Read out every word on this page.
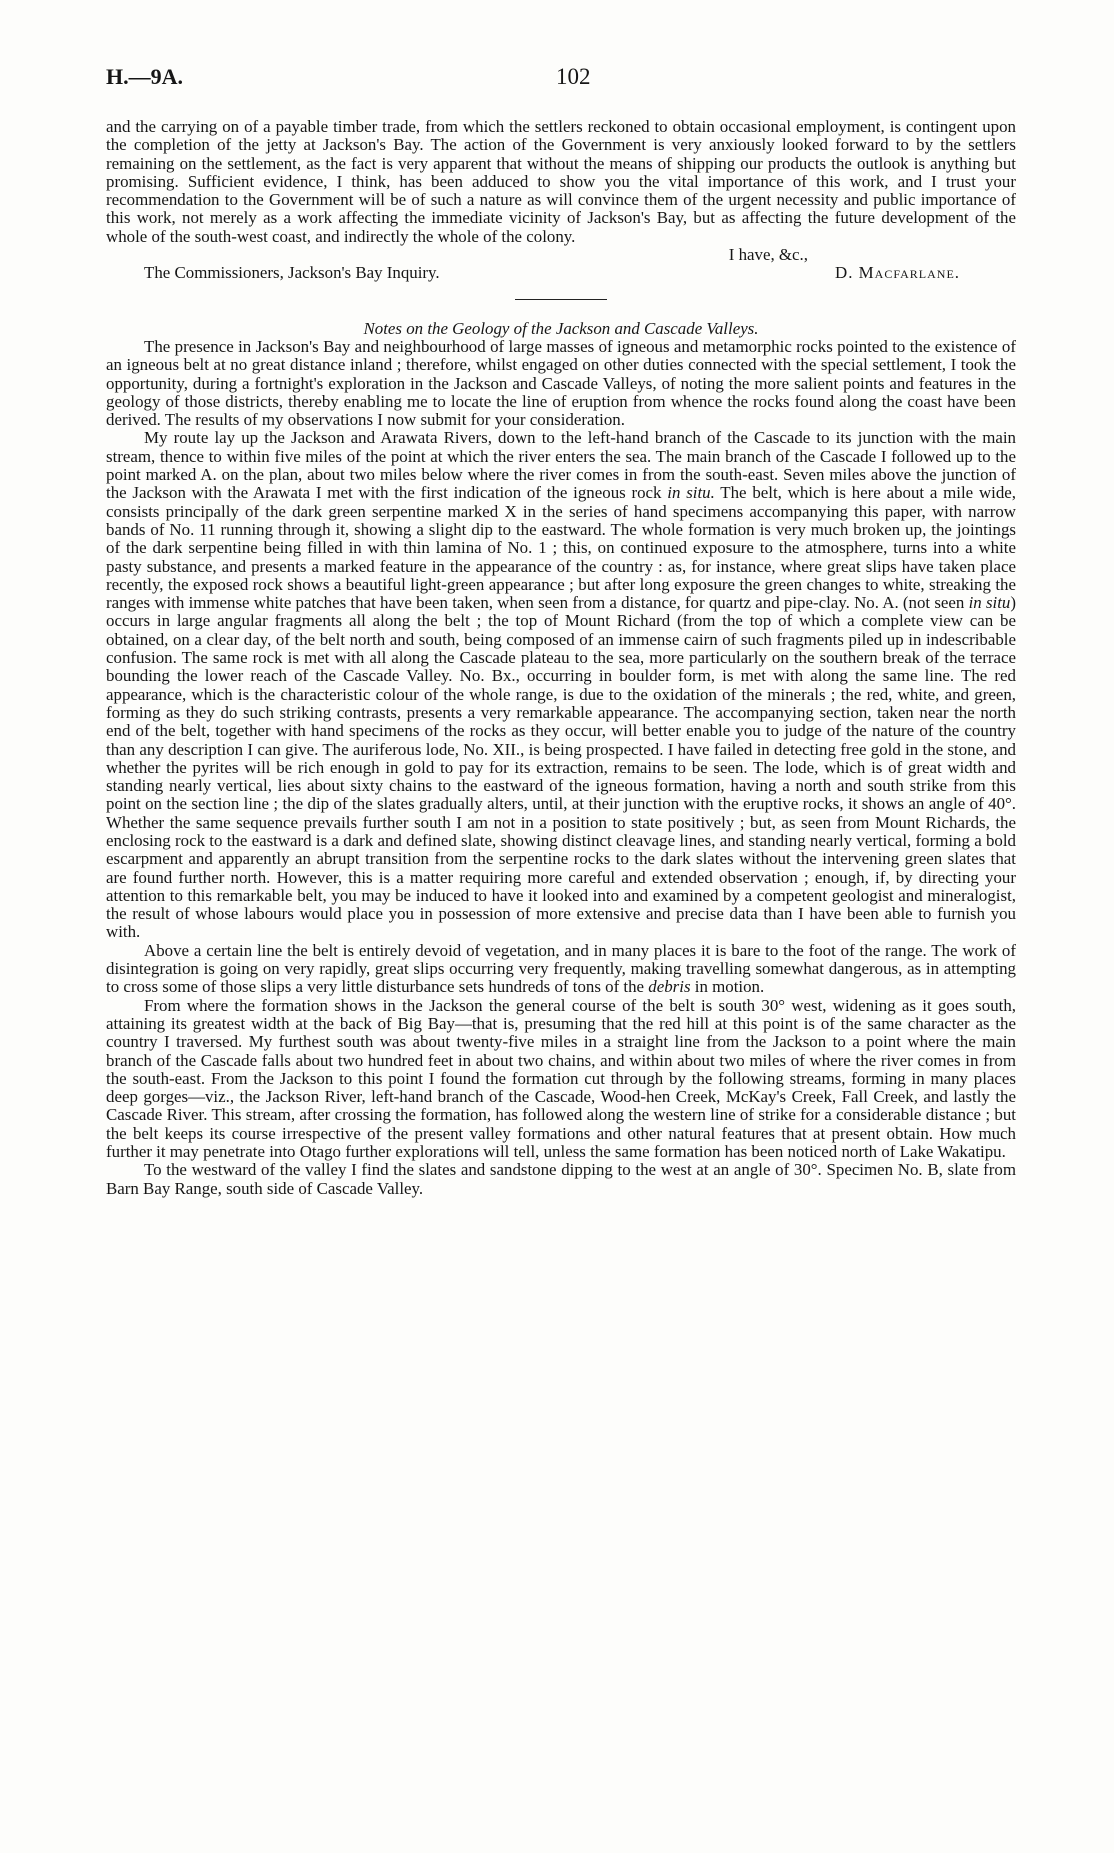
H.—9A.	102

and the carrying on of a payable timber trade, from which the settlers reckoned to obtain occasional employment, is contingent upon the completion of the jetty at Jackson's Bay. The action of the Government is very anxiously looked forward to by the settlers remaining on the settlement, as the fact is very apparent that without the means of shipping our products the outlook is anything but promising. Sufficient evidence, I think, has been adduced to show you the vital importance of this work, and I trust your recommendation to the Government will be of such a nature as will convince them of the urgent necessity and public importance of this work, not merely as a work affecting the immediate vicinity of Jackson's Bay, but as affecting the future development of the whole of the south-west coast, and indirectly the whole of the colony.

I have, &c.,
The Commissioners, Jackson's Bay Inquiry.	D. Macfarlane.

Notes on the Geology of the Jackson and Cascade Valleys.

The presence in Jackson's Bay and neighbourhood of large masses of igneous and metamorphic rocks pointed to the existence of an igneous belt at no great distance inland ; therefore, whilst engaged on other duties connected with the special settlement, I took the opportunity, during a fortnight's exploration in the Jackson and Cascade Valleys, of noting the more salient points and features in the geology of those districts, thereby enabling me to locate the line of eruption from whence the rocks found along the coast have been derived. The results of my observations I now submit for your consideration.

My route lay up the Jackson and Arawata Rivers, down to the left-hand branch of the Cascade to its junction with the main stream, thence to within five miles of the point at which the river enters the sea. The main branch of the Cascade I followed up to the point marked A. on the plan, about two miles below where the river comes in from the south-east. Seven miles above the junction of the Jackson with the Arawata I met with the first indication of the igneous rock in situ. The belt, which is here about a mile wide, consists principally of the dark green serpentine marked X in the series of hand specimens accompanying this paper, with narrow bands of No. 11 running through it, showing a slight dip to the eastward. The whole formation is very much broken up, the jointings of the dark serpentine being filled in with thin lamina of No. 1 ; this, on continued exposure to the atmosphere, turns into a white pasty substance, and presents a marked feature in the appearance of the country : as, for instance, where great slips have taken place recently, the exposed rock shows a beautiful light-green appearance ; but after long exposure the green changes to white, streaking the ranges with immense white patches that have been taken, when seen from a distance, for quartz and pipe-clay. No. A. (not seen in situ) occurs in large angular fragments all along the belt ; the top of Mount Richard (from the top of which a complete view can be obtained, on a clear day, of the belt north and south, being composed of an immense cairn of such fragments piled up in indescribable confusion. The same rock is met with all along the Cascade plateau to the sea, more particularly on the southern break of the terrace bounding the lower reach of the Cascade Valley. No. Bx., occurring in boulder form, is met with along the same line. The red appearance, which is the characteristic colour of the whole range, is due to the oxidation of the minerals ; the red, white, and green, forming as they do such striking contrasts, presents a very remarkable appearance. The accompanying section, taken near the north end of the belt, together with hand specimens of the rocks as they occur, will better enable you to judge of the nature of the country than any description I can give. The auriferous lode, No. XII., is being prospected. I have failed in detecting free gold in the stone, and whether the pyrites will be rich enough in gold to pay for its extraction, remains to be seen. The lode, which is of great width and standing nearly vertical, lies about sixty chains to the eastward of the igneous formation, having a north and south strike from this point on the section line ; the dip of the slates gradually alters, until, at their junction with the eruptive rocks, it shows an angle of 40°. Whether the same sequence prevails further south I am not in a position to state positively ; but, as seen from Mount Richards, the enclosing rock to the eastward is a dark and defined slate, showing distinct cleavage lines, and standing nearly vertical, forming a bold escarpment and apparently an abrupt transition from the serpentine rocks to the dark slates without the intervening green slates that are found further north. However, this is a matter requiring more careful and extended observation ; enough, if, by directing your attention to this remarkable belt, you may be induced to have it looked into and examined by a competent geologist and mineralogist, the result of whose labours would place you in possession of more extensive and precise data than I have been able to furnish you with.

Above a certain line the belt is entirely devoid of vegetation, and in many places it is bare to the foot of the range. The work of disintegration is going on very rapidly, great slips occurring very frequently, making travelling somewhat dangerous, as in attempting to cross some of those slips a very little disturbance sets hundreds of tons of the debris in motion.

From where the formation shows in the Jackson the general course of the belt is south 30° west, widening as it goes south, attaining its greatest width at the back of Big Bay—that is, presuming that the red hill at this point is of the same character as the country I traversed. My furthest south was about twenty-five miles in a straight line from the Jackson to a point where the main branch of the Cascade falls about two hundred feet in about two chains, and within about two miles of where the river comes in from the south-east. From the Jackson to this point I found the formation cut through by the following streams, forming in many places deep gorges—viz., the Jackson River, left-hand branch of the Cascade, Wood-hen Creek, McKay's Creek, Fall Creek, and lastly the Cascade River. This stream, after crossing the formation, has followed along the western line of strike for a considerable distance ; but the belt keeps its course irrespective of the present valley formations and other natural features that at present obtain. How much further it may penetrate into Otago further explorations will tell, unless the same formation has been noticed north of Lake Wakatipu.

To the westward of the valley I find the slates and sandstone dipping to the west at an angle of 30°. Specimen No. B, slate from Barn Bay Range, south side of Cascade Valley.
